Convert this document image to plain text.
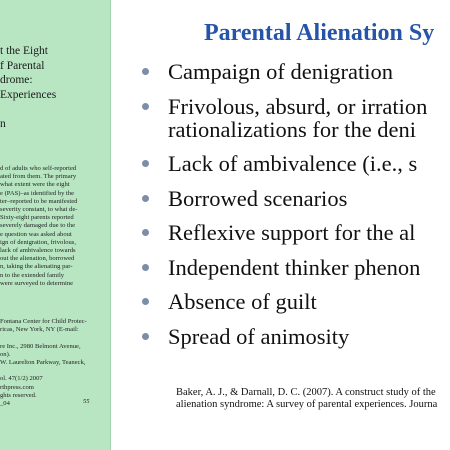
t the Eight
f Parental
drome:
Experiences

n
d of adults who self-reported
ated from them. The primary
what extent were the eight
e (PAS)–as identified by the
ter–reported to be manifested
severity constant, to what de-
Sixty-eight parents reported
severely damaged due to the
e question was asked about
ign of denigration, frivolous,
lack of ambivalence towards
out the alienation, borrowed
n, taking the alienating par-
n to the extended family
were surveyed to determine
Fontana Center for Child Protec-
ricas, New York, NY (E-mail:

re Inc., 2980 Belmont Avenue,
on).
W. Laurelton Parkway, Teaneck,

ol. 47(1/2) 2007
rthpress.com
ghts reserved.
_04	55
Parental Alienation Sy
Campaign of denigration
Frivolous, absurd, or irration
rationalizations for the deni
Lack of ambivalence (i.e., s
Borrowed scenarios
Reflexive support for the al
Independent thinker phenon
Absence of guilt
Spread of animosity
Baker, A. J., & Darnall, D. C. (2007). A construct study of the
alienation syndrome: A survey of parental experiences. Journa
